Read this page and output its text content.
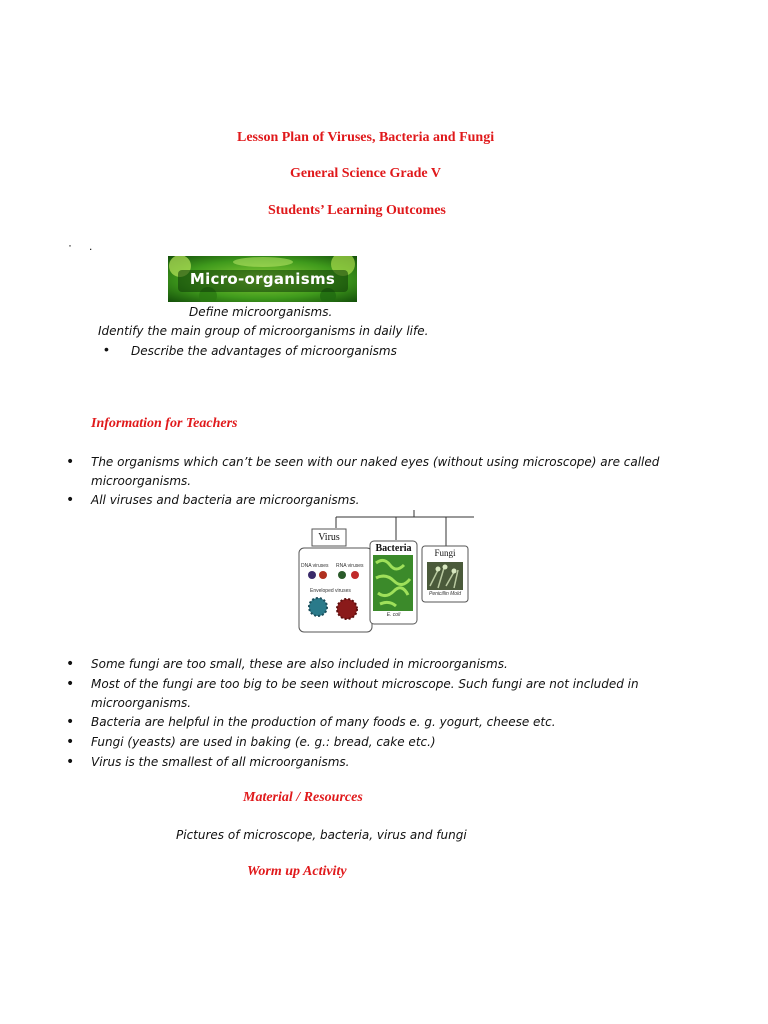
Lesson Plan of Viruses, Bacteria and Fungi
General Science Grade V
Students’ Learning Outcomes
· .
Micro-organisms
Define microorganisms.
Identify the main group of microorganisms in daily life.
• Describe the advantages of microorganisms
Information for Teachers
• The organisms which can’t be seen with our naked eyes (without using microscope) are called microorganisms.
• All viruses and bacteria are microorganisms.
Virus
Bacteria	Fungi
DNA viruses RNA viruses
Enveloped viruses
E. coli
Penicillin Mold
• Some fungi are too small, these are also included in microorganisms.
• Most of the fungi are too big to be seen without microscope. Such fungi are not included in microorganisms.
• Bacteria are helpful in the production of many foods e. g. yogurt, cheese etc.
• Fungi (yeasts) are used in baking (e. g.: bread, cake etc.)
• Virus is the smallest of all microorganisms.
Material / Resources
Pictures of microscope, bacteria, virus and fungi
Worm up Activity
